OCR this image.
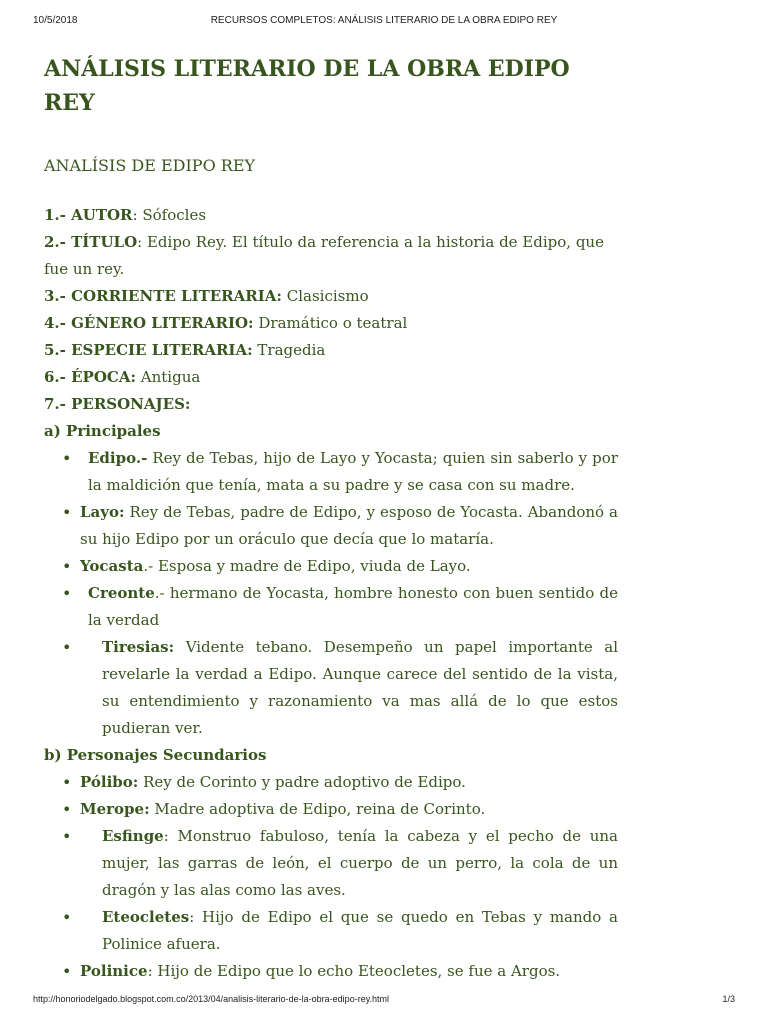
10/5/2018	RECURSOS COMPLETOS: ANÁLISIS LITERARIO DE LA OBRA EDIPO REY
ANÁLISIS LITERARIO DE LA OBRA EDIPO REY
ANALÍSIS DE EDIPO REY

1.- AUTOR: Sófocles

2.- TÍTULO: Edipo Rey. El título da referencia a la historia de Edipo, que fue un rey.

3.- CORRIENTE LITERARIA: Clasicismo

4.- GÉNERO LITERARIO: Dramático o teatral

5.- ESPECIE LITERARIA: Tragedia

6.- ÉPOCA: Antigua

7.- PERSONAJES:

a) Principales

• Edipo.- Rey de Tebas, hijo de Layo y Yocasta; quien sin saberlo y por la maldición que tenía, mata a su padre y se casa con su madre.
• Layo: Rey de Tebas, padre de Edipo, y esposo de Yocasta. Abandonó a su hijo Edipo por un oráculo que decía que lo mataría.
• Yocasta.- Esposa y madre de Edipo, viuda de Layo.
• Creonte.- hermano de Yocasta, hombre honesto con buen sentido de la verdad
• Tiresias: Vidente tebano. Desempeño un papel importante al revelarle la verdad a Edipo. Aunque carece del sentido de la vista, su entendimiento y razonamiento va mas allá de lo que estos pudieran ver.

b) Personajes Secundarios

• Pólibo: Rey de Corinto y padre adoptivo de Edipo.
• Merope: Madre adoptiva de Edipo, reina de Corinto.
• Esfinge: Monstruo fabuloso, tenía la cabeza y el pecho de una mujer, las garras de león, el cuerpo de un perro, la cola de un dragón y las alas como las aves.
• Eteocletes: Hijo de Edipo el que se quedo en Tebas y mando a Polinice afuera.
• Polinice: Hijo de Edipo que lo echo Eteocletes, se fue a Argos.
http://honoriodelgado.blogspot.com.co/2013/04/analisis-literario-de-la-obra-edipo-rey.html	1/3
